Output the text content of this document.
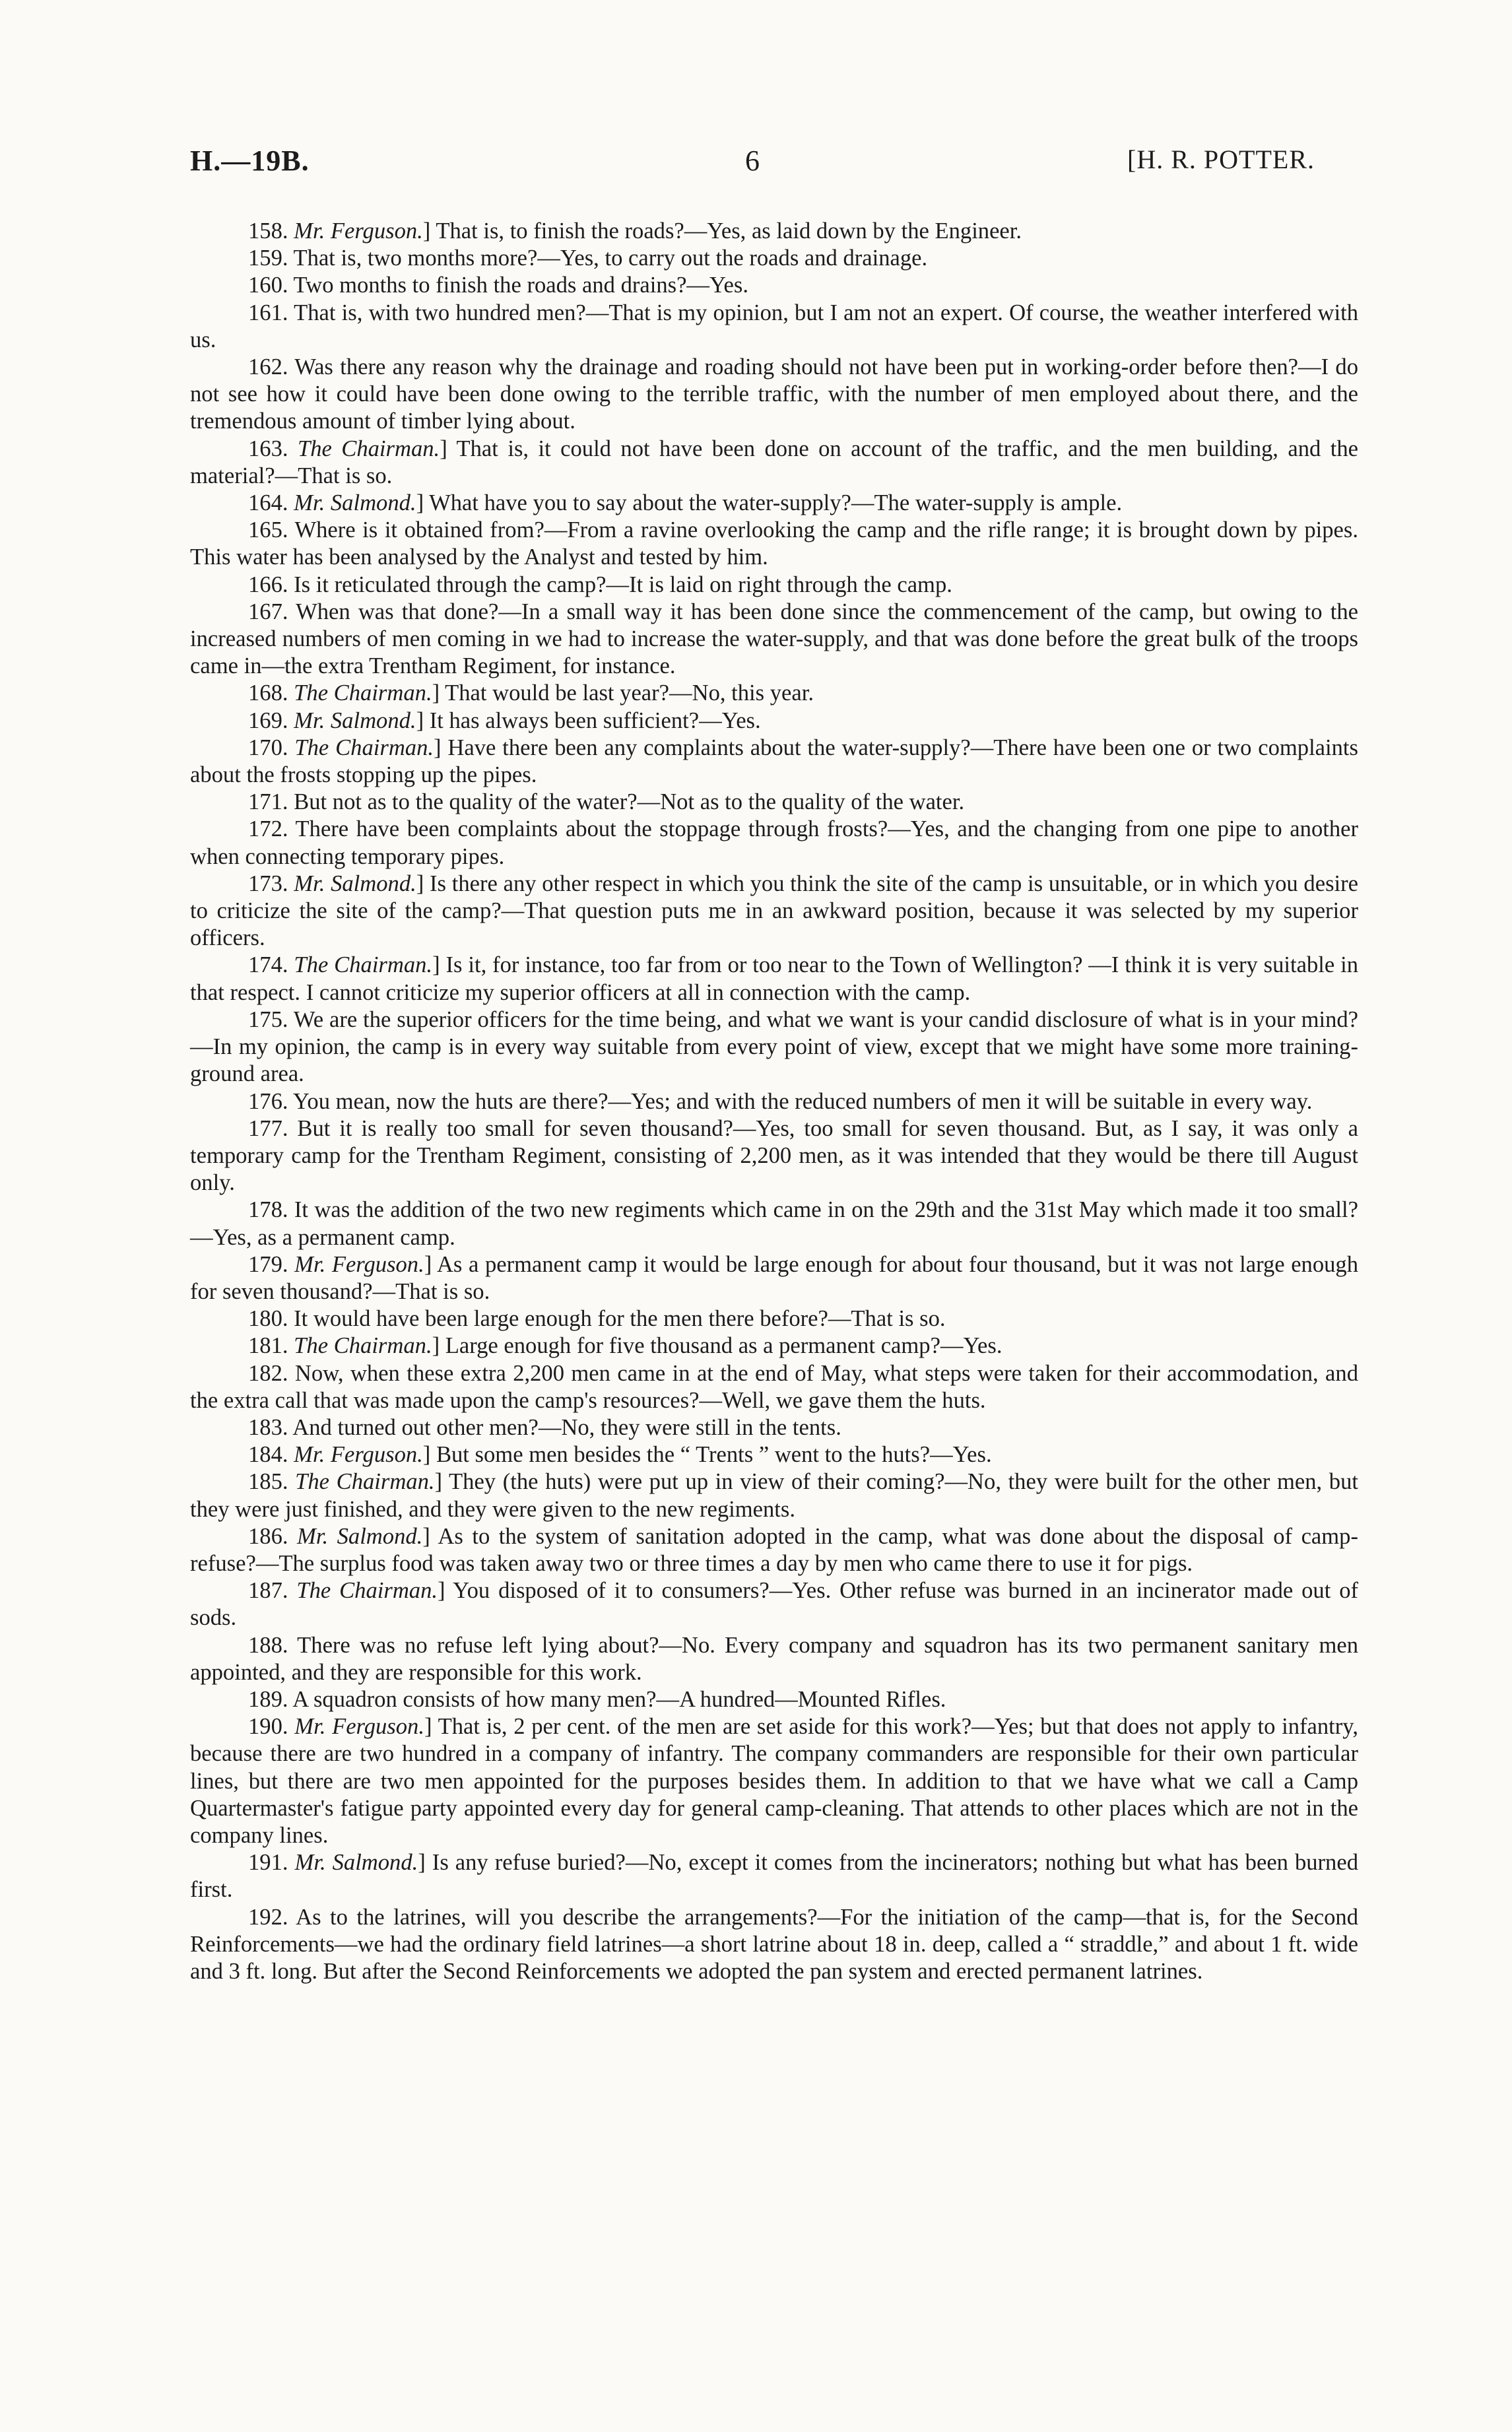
H.—19B.	6	[H. R. POTTER.

158. Mr. Ferguson.] That is, to finish the roads?—Yes, as laid down by the Engineer.

159. That is, two months more?—Yes, to carry out the roads and drainage.

160. Two months to finish the roads and drains?—Yes.

161. That is, with two hundred men?—That is my opinion, but I am not an expert. Of course, the weather interfered with us.

162. Was there any reason why the drainage and roading should not have been put in working-order before then?—I do not see how it could have been done owing to the terrible traffic, with the number of men employed about there, and the tremendous amount of timber lying about.

163. The Chairman.] That is, it could not have been done on account of the traffic, and the men building, and the material?—That is so.

164. Mr. Salmond.] What have you to say about the water-supply?—The water-supply is ample.

165. Where is it obtained from?—From a ravine overlooking the camp and the rifle range; it is brought down by pipes. This water has been analysed by the Analyst and tested by him.

166. Is it reticulated through the camp?—It is laid on right through the camp.

167. When was that done?—In a small way it has been done since the commencement of the camp, but owing to the increased numbers of men coming in we had to increase the water-supply, and that was done before the great bulk of the troops came in—the extra Trentham Regiment, for instance.

168. The Chairman.] That would be last year?—No, this year.

169. Mr. Salmond.] It has always been sufficient?—Yes.

170. The Chairman.] Have there been any complaints about the water-supply?—There have been one or two complaints about the frosts stopping up the pipes.

171. But not as to the quality of the water?—Not as to the quality of the water.

172. There have been complaints about the stoppage through frosts?—Yes, and the changing from one pipe to another when connecting temporary pipes.

173. Mr. Salmond.] Is there any other respect in which you think the site of the camp is unsuitable, or in which you desire to criticize the site of the camp?—That question puts me in an awkward position, because it was selected by my superior officers.

174. The Chairman.] Is it, for instance, too far from or too near to the Town of Wellington? —I think it is very suitable in that respect. I cannot criticize my superior officers at all in connection with the camp.

175. We are the superior officers for the time being, and what we want is your candid disclosure of what is in your mind?—In my opinion, the camp is in every way suitable from every point of view, except that we might have some more training-ground area.

176. You mean, now the huts are there?—Yes; and with the reduced numbers of men it will be suitable in every way.

177. But it is really too small for seven thousand?—Yes, too small for seven thousand. But, as I say, it was only a temporary camp for the Trentham Regiment, consisting of 2,200 men, as it was intended that they would be there till August only.

178. It was the addition of the two new regiments which came in on the 29th and the 31st May which made it too small?—Yes, as a permanent camp.

179. Mr. Ferguson.] As a permanent camp it would be large enough for about four thousand, but it was not large enough for seven thousand?—That is so.

180. It would have been large enough for the men there before?—That is so.

181. The Chairman.] Large enough for five thousand as a permanent camp?—Yes.

182. Now, when these extra 2,200 men came in at the end of May, what steps were taken for their accommodation, and the extra call that was made upon the camp's resources?—Well, we gave them the huts.

183. And turned out other men?—No, they were still in the tents.

184. Mr. Ferguson.] But some men besides the “ Trents ” went to the huts?—Yes.

185. The Chairman.] They (the huts) were put up in view of their coming?—No, they were built for the other men, but they were just finished, and they were given to the new regiments.

186. Mr. Salmond.] As to the system of sanitation adopted in the camp, what was done about the disposal of camp-refuse?—The surplus food was taken away two or three times a day by men who came there to use it for pigs.

187. The Chairman.] You disposed of it to consumers?—Yes. Other refuse was burned in an incinerator made out of sods.

188. There was no refuse left lying about?—No. Every company and squadron has its two permanent sanitary men appointed, and they are responsible for this work.

189. A squadron consists of how many men?—A hundred—Mounted Rifles.

190. Mr. Ferguson.] That is, 2 per cent. of the men are set aside for this work?—Yes; but that does not apply to infantry, because there are two hundred in a company of infantry. The company commanders are responsible for their own particular lines, but there are two men appointed for the purposes besides them. In addition to that we have what we call a Camp Quartermaster's fatigue party appointed every day for general camp-cleaning. That attends to other places which are not in the company lines.

191. Mr. Salmond.] Is any refuse buried?—No, except it comes from the incinerators; nothing but what has been burned first.

192. As to the latrines, will you describe the arrangements?—For the initiation of the camp—that is, for the Second Reinforcements—we had the ordinary field latrines—a short latrine about 18 in. deep, called a “ straddle,” and about 1 ft. wide and 3 ft. long. But after the Second Reinforcements we adopted the pan system and erected permanent latrines.
